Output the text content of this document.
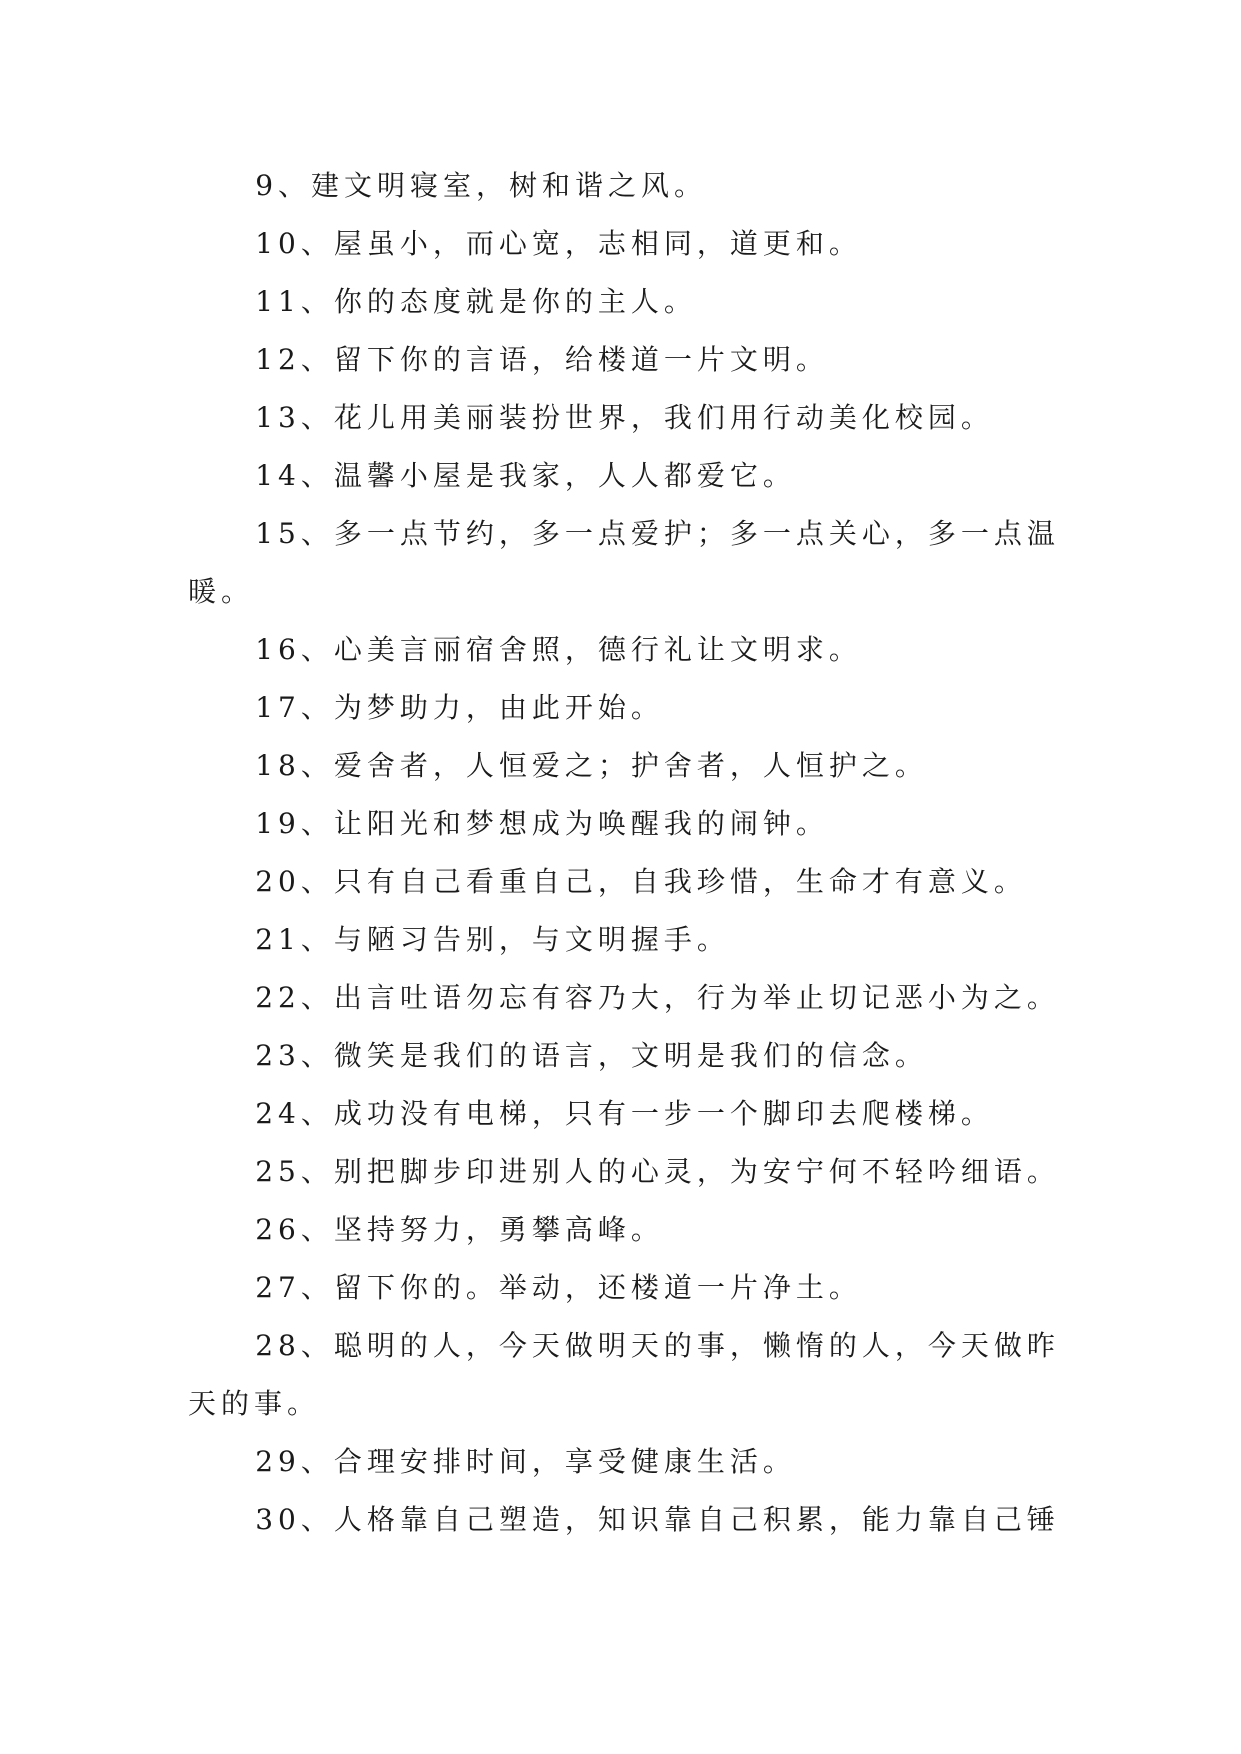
9、建文明寝室，树和谐之风。

10、屋虽小，而心宽，志相同，道更和。

11、你的态度就是你的主人。

12、留下你的言语，给楼道一片文明。

13、花儿用美丽装扮世界，我们用行动美化校园。

14、温馨小屋是我家，人人都爱它。

15、多一点节约，多一点爱护；多一点关心，多一点温暖。

16、心美言丽宿舍照，德行礼让文明求。

17、为梦助力，由此开始。

18、爱舍者，人恒爱之；护舍者，人恒护之。

19、让阳光和梦想成为唤醒我的闹钟。

20、只有自己看重自己，自我珍惜，生命才有意义。

21、与陋习告别，与文明握手。

22、出言吐语勿忘有容乃大，行为举止切记恶小为之。

23、微笑是我们的语言，文明是我们的信念。

24、成功没有电梯，只有一步一个脚印去爬楼梯。

25、别把脚步印进别人的心灵，为安宁何不轻吟细语。

26、坚持努力，勇攀高峰。

27、留下你的。举动，还楼道一片净土。

28、聪明的人，今天做明天的事，懒惰的人，今天做昨天的事。

29、合理安排时间，享受健康生活。

30、人格靠自己塑造，知识靠自己积累，能力靠自己锤
